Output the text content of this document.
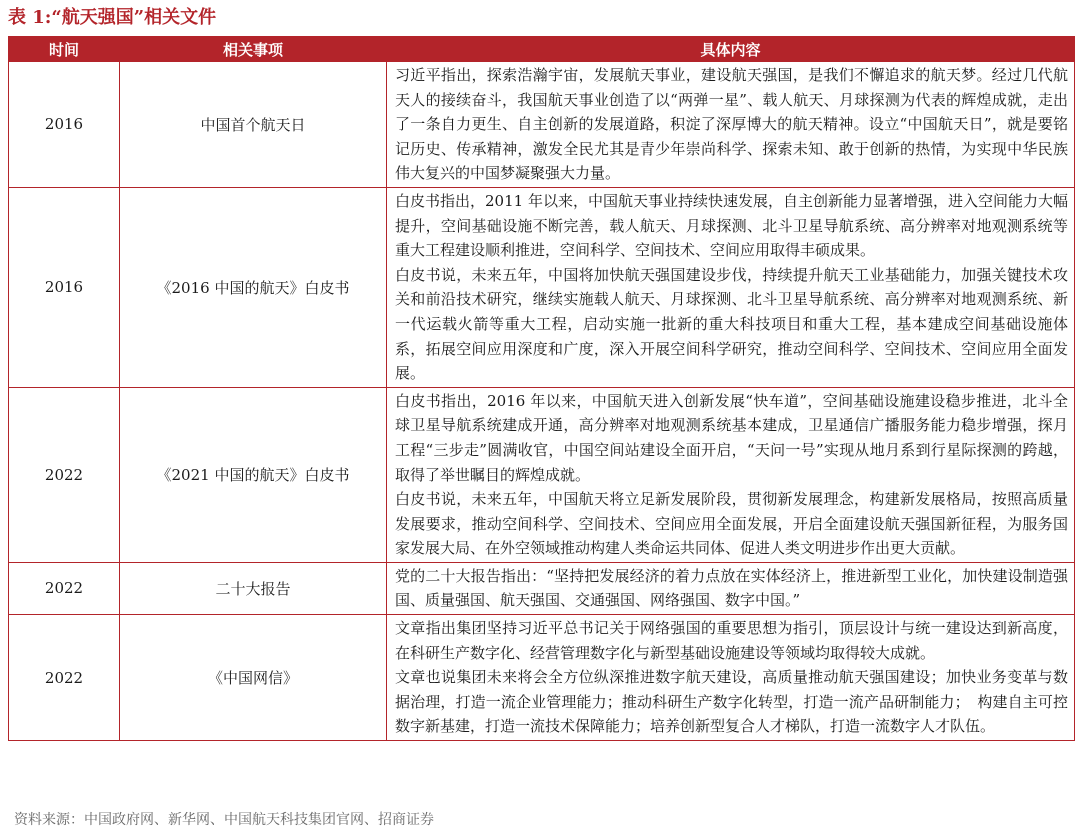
表 1:“航天强国”相关文件
时间	相关事项	具体内容
2016	中国首个航天日	习近平指出，探索浩瀚宇宙，发展航天事业，建设航天强国，是我们不懈追求的航天梦。经过几代航天人的接续奋斗，我国航天事业创造了以“两弹一星”、载人航天、月球探测为代表的辉煌成就，走出了一条自力更生、自主创新的发展道路，积淀了深厚博大的航天精神。设立“中国航天日”，就是要铭记历史、传承精神，激发全民尤其是青少年崇尚科学、探索未知、敢于创新的热情，为实现中华民族伟大复兴的中国梦凝聚强大力量。

2016	《2016 中国的航天》白皮书	白皮书指出，2011 年以来，中国航天事业持续快速发展，自主创新能力显著增强，进入空间能力大幅提升，空间基础设施不断完善，载人航天、月球探测、北斗卫星导航系统、高分辨率对地观测系统等重大工程建设顺利推进，空间科学、空间技术、空间应用取得丰硕成果。
白皮书说，未来五年，中国将加快航天强国建设步伐，持续提升航天工业基础能力，加强关键技术攻关和前沿技术研究，继续实施载人航天、月球探测、北斗卫星导航系统、高分辨率对地观测系统、新一代运载火箭等重大工程，启动实施一批新的重大科技项目和重大工程，基本建成空间基础设施体系，拓展空间应用深度和广度，深入开展空间科学研究，推动空间科学、空间技术、空间应用全面发展。

2022	《2021 中国的航天》白皮书	白皮书指出，2016 年以来，中国航天进入创新发展“快车道”，空间基础设施建设稳步推进，北斗全球卫星导航系统建成开通，高分辨率对地观测系统基本建成，卫星通信广播服务能力稳步增强，探月工程“三步走”圆满收官，中国空间站建设全面开启，“天问一号”实现从地月系到行星际探测的跨越，取得了举世瞩目的辉煌成就。
白皮书说，未来五年，中国航天将立足新发展阶段，贯彻新发展理念，构建新发展格局，按照高质量发展要求，推动空间科学、空间技术、空间应用全面发展，开启全面建设航天强国新征程，为服务国家发展大局、在外空领域推动构建人类命运共同体、促进人类文明进步作出更大贡献。

2022	二十大报告	党的二十大报告指出：“坚持把发展经济的着力点放在实体经济上，推进新型工业化，加快建设制造强国、质量强国、航天强国、交通强国、网络强国、数字中国。”

2022	《中国网信》	文章指出集团坚持习近平总书记关于网络强国的重要思想为指引，顶层设计与统一建设达到新高度，在科研生产数字化、经营管理数字化与新型基础设施建设等领域均取得较大成就。
文章也说集团未来将会全方位纵深推进数字航天建设，高质量推动航天强国建设；加快业务变革与数据治理，打造一流企业管理能力；推动科研生产数字化转型，打造一流产品研制能力；　构建自主可控数字新基建，打造一流技术保障能力；培养创新型复合人才梯队，打造一流数字人才队伍。
资料来源：中国政府网、新华网、中国航天科技集团官网、招商证券
